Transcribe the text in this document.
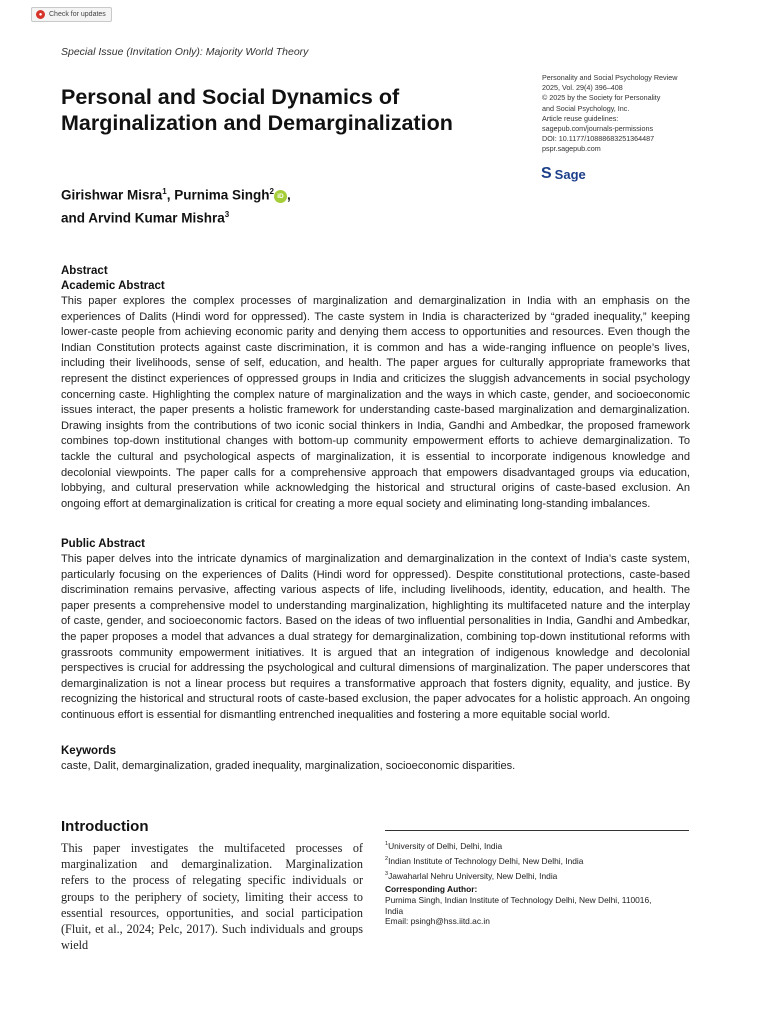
● Check for updates
Special Issue (Invitation Only): Majority World Theory
Personal and Social Dynamics of Marginalization and Demarginalization
Personality and Social Psychology Review
2025, Vol. 29(4) 396–408
© 2025 by the Society for Personality
and Social Psychology, Inc.
Article reuse guidelines:
sagepub.com/journals-permissions
DOI: 10.1177/10888683251364487
pspr.sagepub.com
S Sage
Girishwar Misra$^1$, Purnima Singh$^2$ iD ,
and Arvind Kumar Mishra$^3$
Abstract
Academic Abstract

This paper explores the complex processes of marginalization and demarginalization in India with an emphasis on the experiences of Dalits (Hindi word for oppressed). The caste system in India is characterized by “graded inequality,” keeping lower-caste people from achieving economic parity and denying them access to opportunities and resources. Even though the Indian Constitution protects against caste discrimination, it is common and has a wide-ranging influence on people’s lives, including their livelihoods, sense of self, education, and health. The paper argues for culturally appropriate frameworks that represent the distinct experiences of oppressed groups in India and criticizes the sluggish advancements in social psychology concerning caste. Highlighting the complex nature of marginalization and the ways in which caste, gender, and socioeconomic issues interact, the paper presents a holistic framework for understanding caste-based marginalization and demarginalization. Drawing insights from the contributions of two iconic social thinkers in India, Gandhi and Ambedkar, the proposed framework combines top-down institutional changes with bottom-up community empowerment efforts to achieve demarginalization. To tackle the cultural and psychological aspects of marginalization, it is essential to incorporate indigenous knowledge and decolonial viewpoints. The paper calls for a comprehensive approach that empowers disadvantaged groups via education, lobbying, and cultural preservation while acknowledging the historical and structural origins of caste-based exclusion. An ongoing effort at demarginalization is critical for creating a more equal society and eliminating long-standing imbalances.

Public Abstract

This paper delves into the intricate dynamics of marginalization and demarginalization in the context of India’s caste system, particularly focusing on the experiences of Dalits (Hindi word for oppressed). Despite constitutional protections, caste-based discrimination remains pervasive, affecting various aspects of life, including livelihoods, identity, education, and health. The paper presents a comprehensive model to understanding marginalization, highlighting its multifaceted nature and the interplay of caste, gender, and socioeconomic factors. Based on the ideas of two influential personalities in India, Gandhi and Ambedkar, the paper proposes a model that advances a dual strategy for demarginalization, combining top-down institutional reforms with grassroots community empowerment initiatives. It is argued that an integration of indigenous knowledge and decolonial perspectives is crucial for addressing the psychological and cultural dimensions of marginalization. The paper underscores that demarginalization is not a linear process but requires a transformative approach that fosters dignity, equality, and justice. By recognizing the historical and structural roots of caste-based exclusion, the paper advocates for a holistic approach. An ongoing continuous effort is essential for dismantling entrenched inequalities and fostering a more equitable social world.

Keywords

caste, Dalit, demarginalization, graded inequality, marginalization, socioeconomic disparities.

Introduction

This paper investigates the multifaceted processes of marginalization and demarginalization. Marginalization refers to the process of relegating specific individuals or groups to the periphery of society, limiting their access to essential resources, opportunities, and social participation (Fluit, et al., 2024; Pelc, 2017). Such individuals and groups wield

$^1$University of Delhi, Delhi, India
$^2$Indian Institute of Technology Delhi, New Delhi, India
$^3$Jawaharlal Nehru University, New Delhi, India
Corresponding Author:
Purnima Singh, Indian Institute of Technology Delhi, New Delhi, 110016,
India
Email: psingh@hss.iitd.ac.in
